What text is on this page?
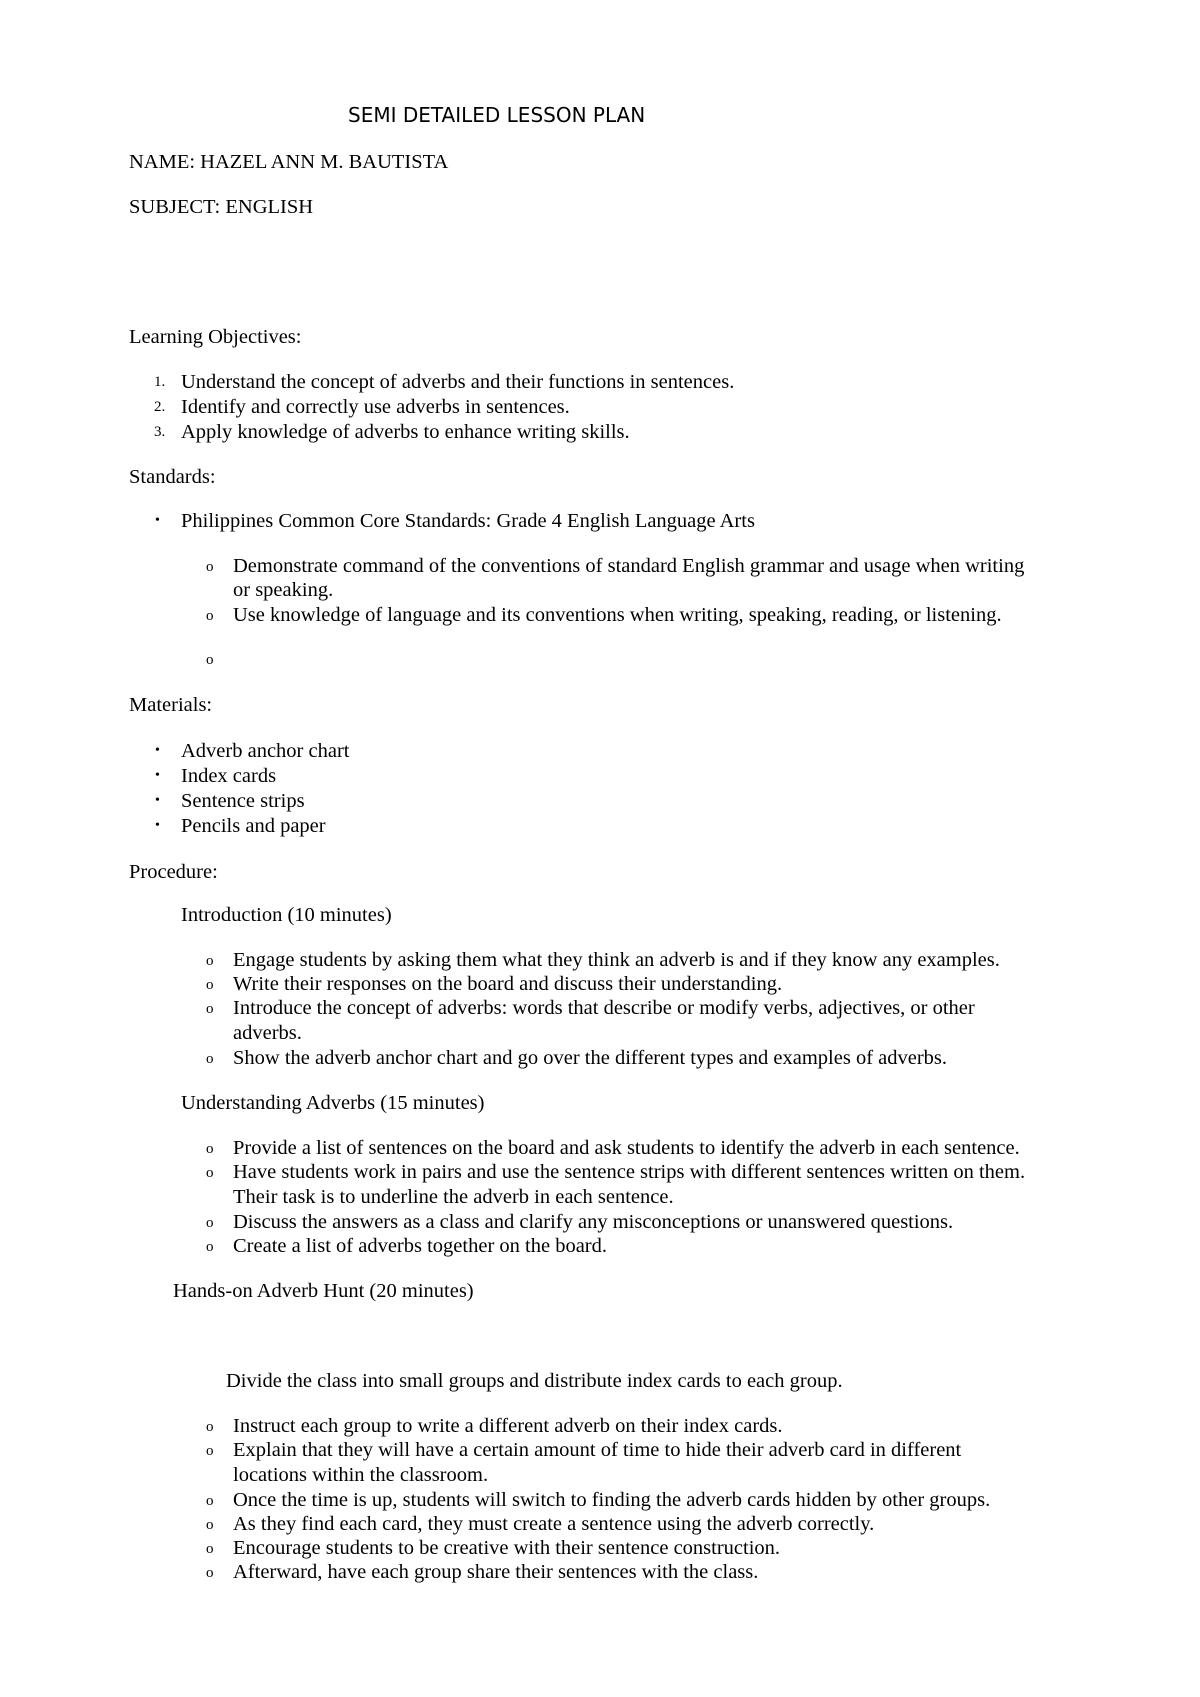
SEMI DETAILED LESSON PLAN
NAME: HAZEL ANN M. BAUTISTA
SUBJECT: ENGLISH
Learning Objectives:
1. Understand the concept of adverbs and their functions in sentences.
2. Identify and correctly use adverbs in sentences.
3. Apply knowledge of adverbs to enhance writing skills.
Standards:
• Philippines Common Core Standards: Grade 4 English Language Arts
o Demonstrate command of the conventions of standard English grammar and usage when writing
or speaking.
o Use knowledge of language and its conventions when writing, speaking, reading, or listening.
o
Materials:
• Adverb anchor chart
• Index cards
• Sentence strips
• Pencils and paper
Procedure:
Introduction (10 minutes)
o Engage students by asking them what they think an adverb is and if they know any examples.
o Write their responses on the board and discuss their understanding.
o Introduce the concept of adverbs: words that describe or modify verbs, adjectives, or other
adverbs.
o Show the adverb anchor chart and go over the different types and examples of adverbs.
Understanding Adverbs (15 minutes)
o Provide a list of sentences on the board and ask students to identify the adverb in each sentence.
o Have students work in pairs and use the sentence strips with different sentences written on them.
Their task is to underline the adverb in each sentence.
o Discuss the answers as a class and clarify any misconceptions or unanswered questions.
o Create a list of adverbs together on the board.
Hands-on Adverb Hunt (20 minutes)
Divide the class into small groups and distribute index cards to each group.
o Instruct each group to write a different adverb on their index cards.
o Explain that they will have a certain amount of time to hide their adverb card in different
locations within the classroom.
o Once the time is up, students will switch to finding the adverb cards hidden by other groups.
o As they find each card, they must create a sentence using the adverb correctly.
o Encourage students to be creative with their sentence construction.
o Afterward, have each group share their sentences with the class.
